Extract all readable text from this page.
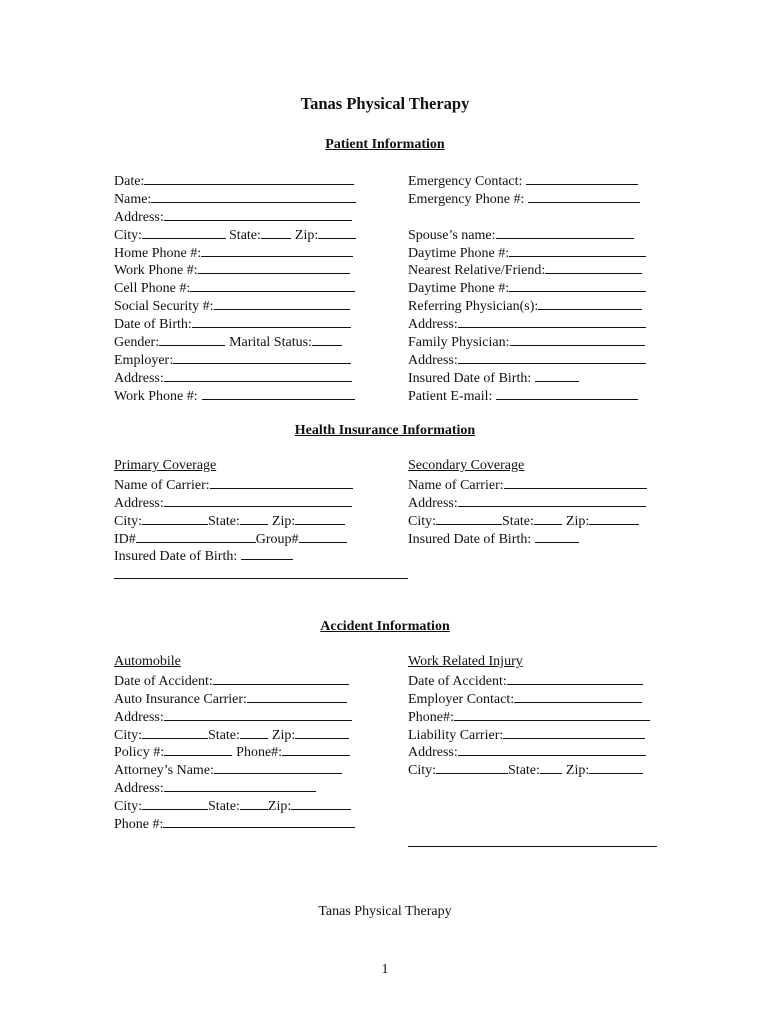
Tanas Physical Therapy
Patient Information
Date:
Name:
Address:
City:	State: Zip:
Home Phone #:
Work Phone #:
Cell Phone #:
Social Security #:
Date of Birth:
Gender:	Marital Status:
Employer:
Address:
Work Phone #:
Emergency Contact:
Emergency Phone #:
Spouse’s name:
Daytime Phone #:
Nearest Relative/Friend:
Daytime Phone #:
Referring Physician(s):
Address:
Family Physician:
Address:
Insured Date of Birth:
Patient E-mail:
Health Insurance Information
Primary Coverage
Name of Carrier:
Address:
City:	State: Zip:
ID#	Group#
Insured Date of Birth:
Secondary Coverage
Name of Carrier:
Address:
City:	State: Zip:
Insured Date of Birth:
Accident Information
Automobile
Date of Accident:
Auto Insurance Carrier:
Address:
City:	State: Zip:
Policy #:	Phone#:
Attorney’s Name:
Address:
City:	State: Zip:
Phone #:
Work Related Injury
Date of Accident:
Employer Contact:
Phone#:
Liability Carrier:
Address:
City:	State: Zip:
Tanas Physical Therapy
1
